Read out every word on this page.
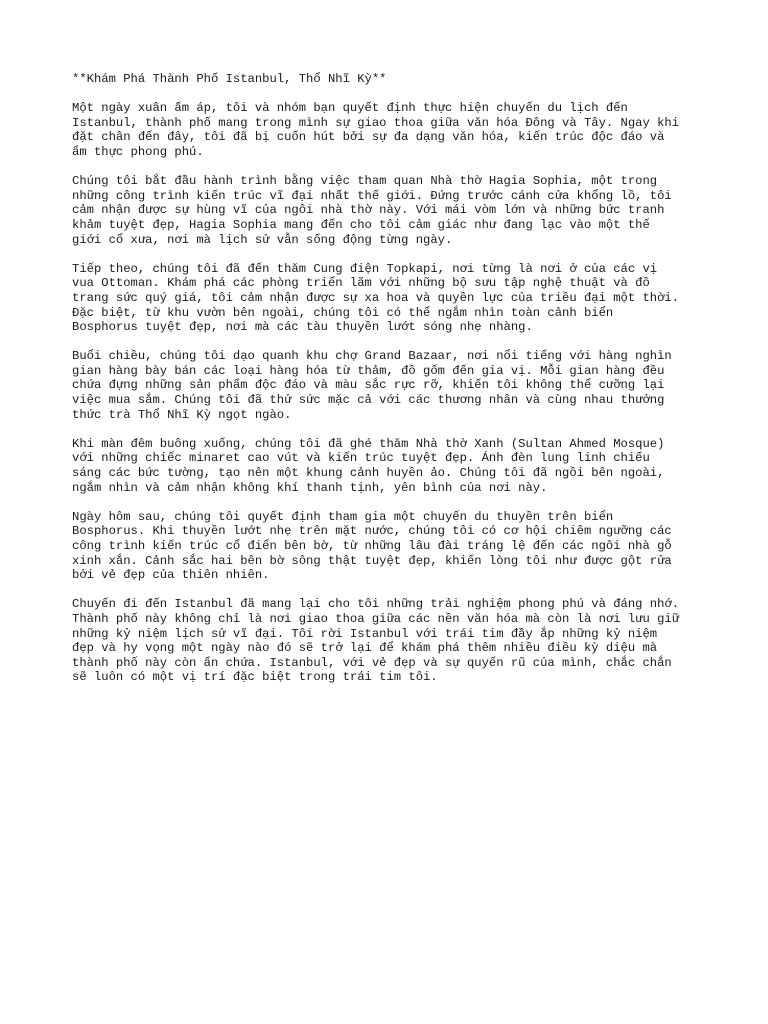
**Khám Phá Thành Phố Istanbul, Thổ Nhĩ Kỳ**
Một ngày xuân ấm áp, tôi và nhóm bạn quyết định thực hiện chuyến du lịch đến
Istanbul, thành phố mang trong mình sự giao thoa giữa văn hóa Đông và Tây. Ngay khi
đặt chân đến đây, tôi đã bị cuốn hút bởi sự đa dạng văn hóa, kiến trúc độc đáo và
ẩm thực phong phú.
Chúng tôi bắt đầu hành trình bằng việc tham quan Nhà thờ Hagia Sophia, một trong
những công trình kiến trúc vĩ đại nhất thế giới. Đứng trước cánh cửa khổng lồ, tôi
cảm nhận được sự hùng vĩ của ngôi nhà thờ này. Với mái vòm lớn và những bức tranh
khảm tuyệt đẹp, Hagia Sophia mang đến cho tôi cảm giác như đang lạc vào một thế
giới cổ xưa, nơi mà lịch sử vẫn sống động từng ngày.
Tiếp theo, chúng tôi đã đến thăm Cung điện Topkapi, nơi từng là nơi ở của các vị
vua Ottoman. Khám phá các phòng triển lãm với những bộ sưu tập nghệ thuật và đồ
trang sức quý giá, tôi cảm nhận được sự xa hoa và quyền lực của triều đại một thời.
Đặc biệt, từ khu vườn bên ngoài, chúng tôi có thể ngắm nhìn toàn cảnh biển
Bosphorus tuyệt đẹp, nơi mà các tàu thuyền lướt sóng nhẹ nhàng.
Buổi chiều, chúng tôi dạo quanh khu chợ Grand Bazaar, nơi nổi tiếng với hàng nghìn
gian hàng bày bán các loại hàng hóa từ thảm, đồ gốm đến gia vị. Mỗi gian hàng đều
chứa đựng những sản phẩm độc đáo và màu sắc rực rỡ, khiến tôi không thể cưỡng lại
việc mua sắm. Chúng tôi đã thử sức mặc cả với các thương nhân và cùng nhau thưởng
thức trà Thổ Nhĩ Kỳ ngọt ngào.
Khi màn đêm buông xuống, chúng tôi đã ghé thăm Nhà thờ Xanh (Sultan Ahmed Mosque)
với những chiếc minaret cao vút và kiến trúc tuyệt đẹp. Ánh đèn lung linh chiếu
sáng các bức tường, tạo nên một khung cảnh huyền ảo. Chúng tôi đã ngồi bên ngoài,
ngắm nhìn và cảm nhận không khí thanh tịnh, yên bình của nơi này.
Ngày hôm sau, chúng tôi quyết định tham gia một chuyến du thuyền trên biển
Bosphorus. Khi thuyền lướt nhẹ trên mặt nước, chúng tôi có cơ hội chiêm ngưỡng các
công trình kiến trúc cổ điển bên bờ, từ những lâu đài tráng lệ đến các ngôi nhà gỗ
xinh xắn. Cảnh sắc hai bên bờ sông thật tuyệt đẹp, khiến lòng tôi như được gột rửa
bởi vẻ đẹp của thiên nhiên.
Chuyến đi đến Istanbul đã mang lại cho tôi những trải nghiệm phong phú và đáng nhớ.
Thành phố này không chỉ là nơi giao thoa giữa các nền văn hóa mà còn là nơi lưu giữ
những kỷ niệm lịch sử vĩ đại. Tôi rời Istanbul với trái tim đầy ắp những kỷ niệm
đẹp và hy vọng một ngày nào đó sẽ trở lại để khám phá thêm nhiều điều kỳ diệu mà
thành phố này còn ẩn chứa. Istanbul, với vẻ đẹp và sự quyến rũ của mình, chắc chắn
sẽ luôn có một vị trí đặc biệt trong trái tim tôi.
